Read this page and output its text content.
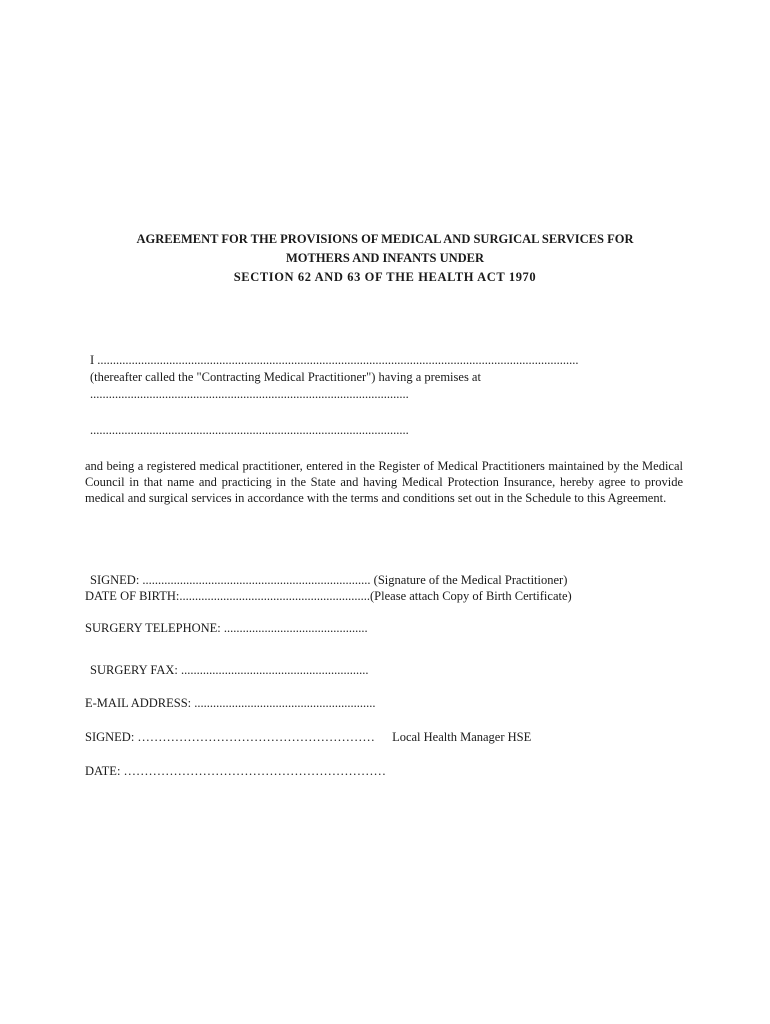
AGREEMENT FOR THE PROVISIONS OF MEDICAL AND SURGICAL SERVICES FOR
MOTHERS AND INFANTS UNDER
SECTION 62 AND 63 OF THE HEALTH ACT 1970
I ..........................................................................................................................................................
(thereafter called the "Contracting Medical Practitioner") having a premises at
......................................................................................................
......................................................................................................

and being a registered medical practitioner, entered in the Register of Medical Practitioners maintained by the Medical Council in that name and practicing in the State and having Medical Protection Insurance, hereby agree to provide medical and surgical services in accordance with the terms and conditions set out in the Schedule to this Agreement.

SIGNED: ......................................................................... (Signature of the Medical Practitioner)
DATE OF BIRTH:.............................................................(Please attach Copy of Birth Certificate)
SURGERY TELEPHONE: ..............................................
SURGERY FAX: ............................................................
E-MAIL ADDRESS: ..........................................................
SIGNED: ………………………………………………… Local Health Manager HSE
DATE: ………………………………………………………
